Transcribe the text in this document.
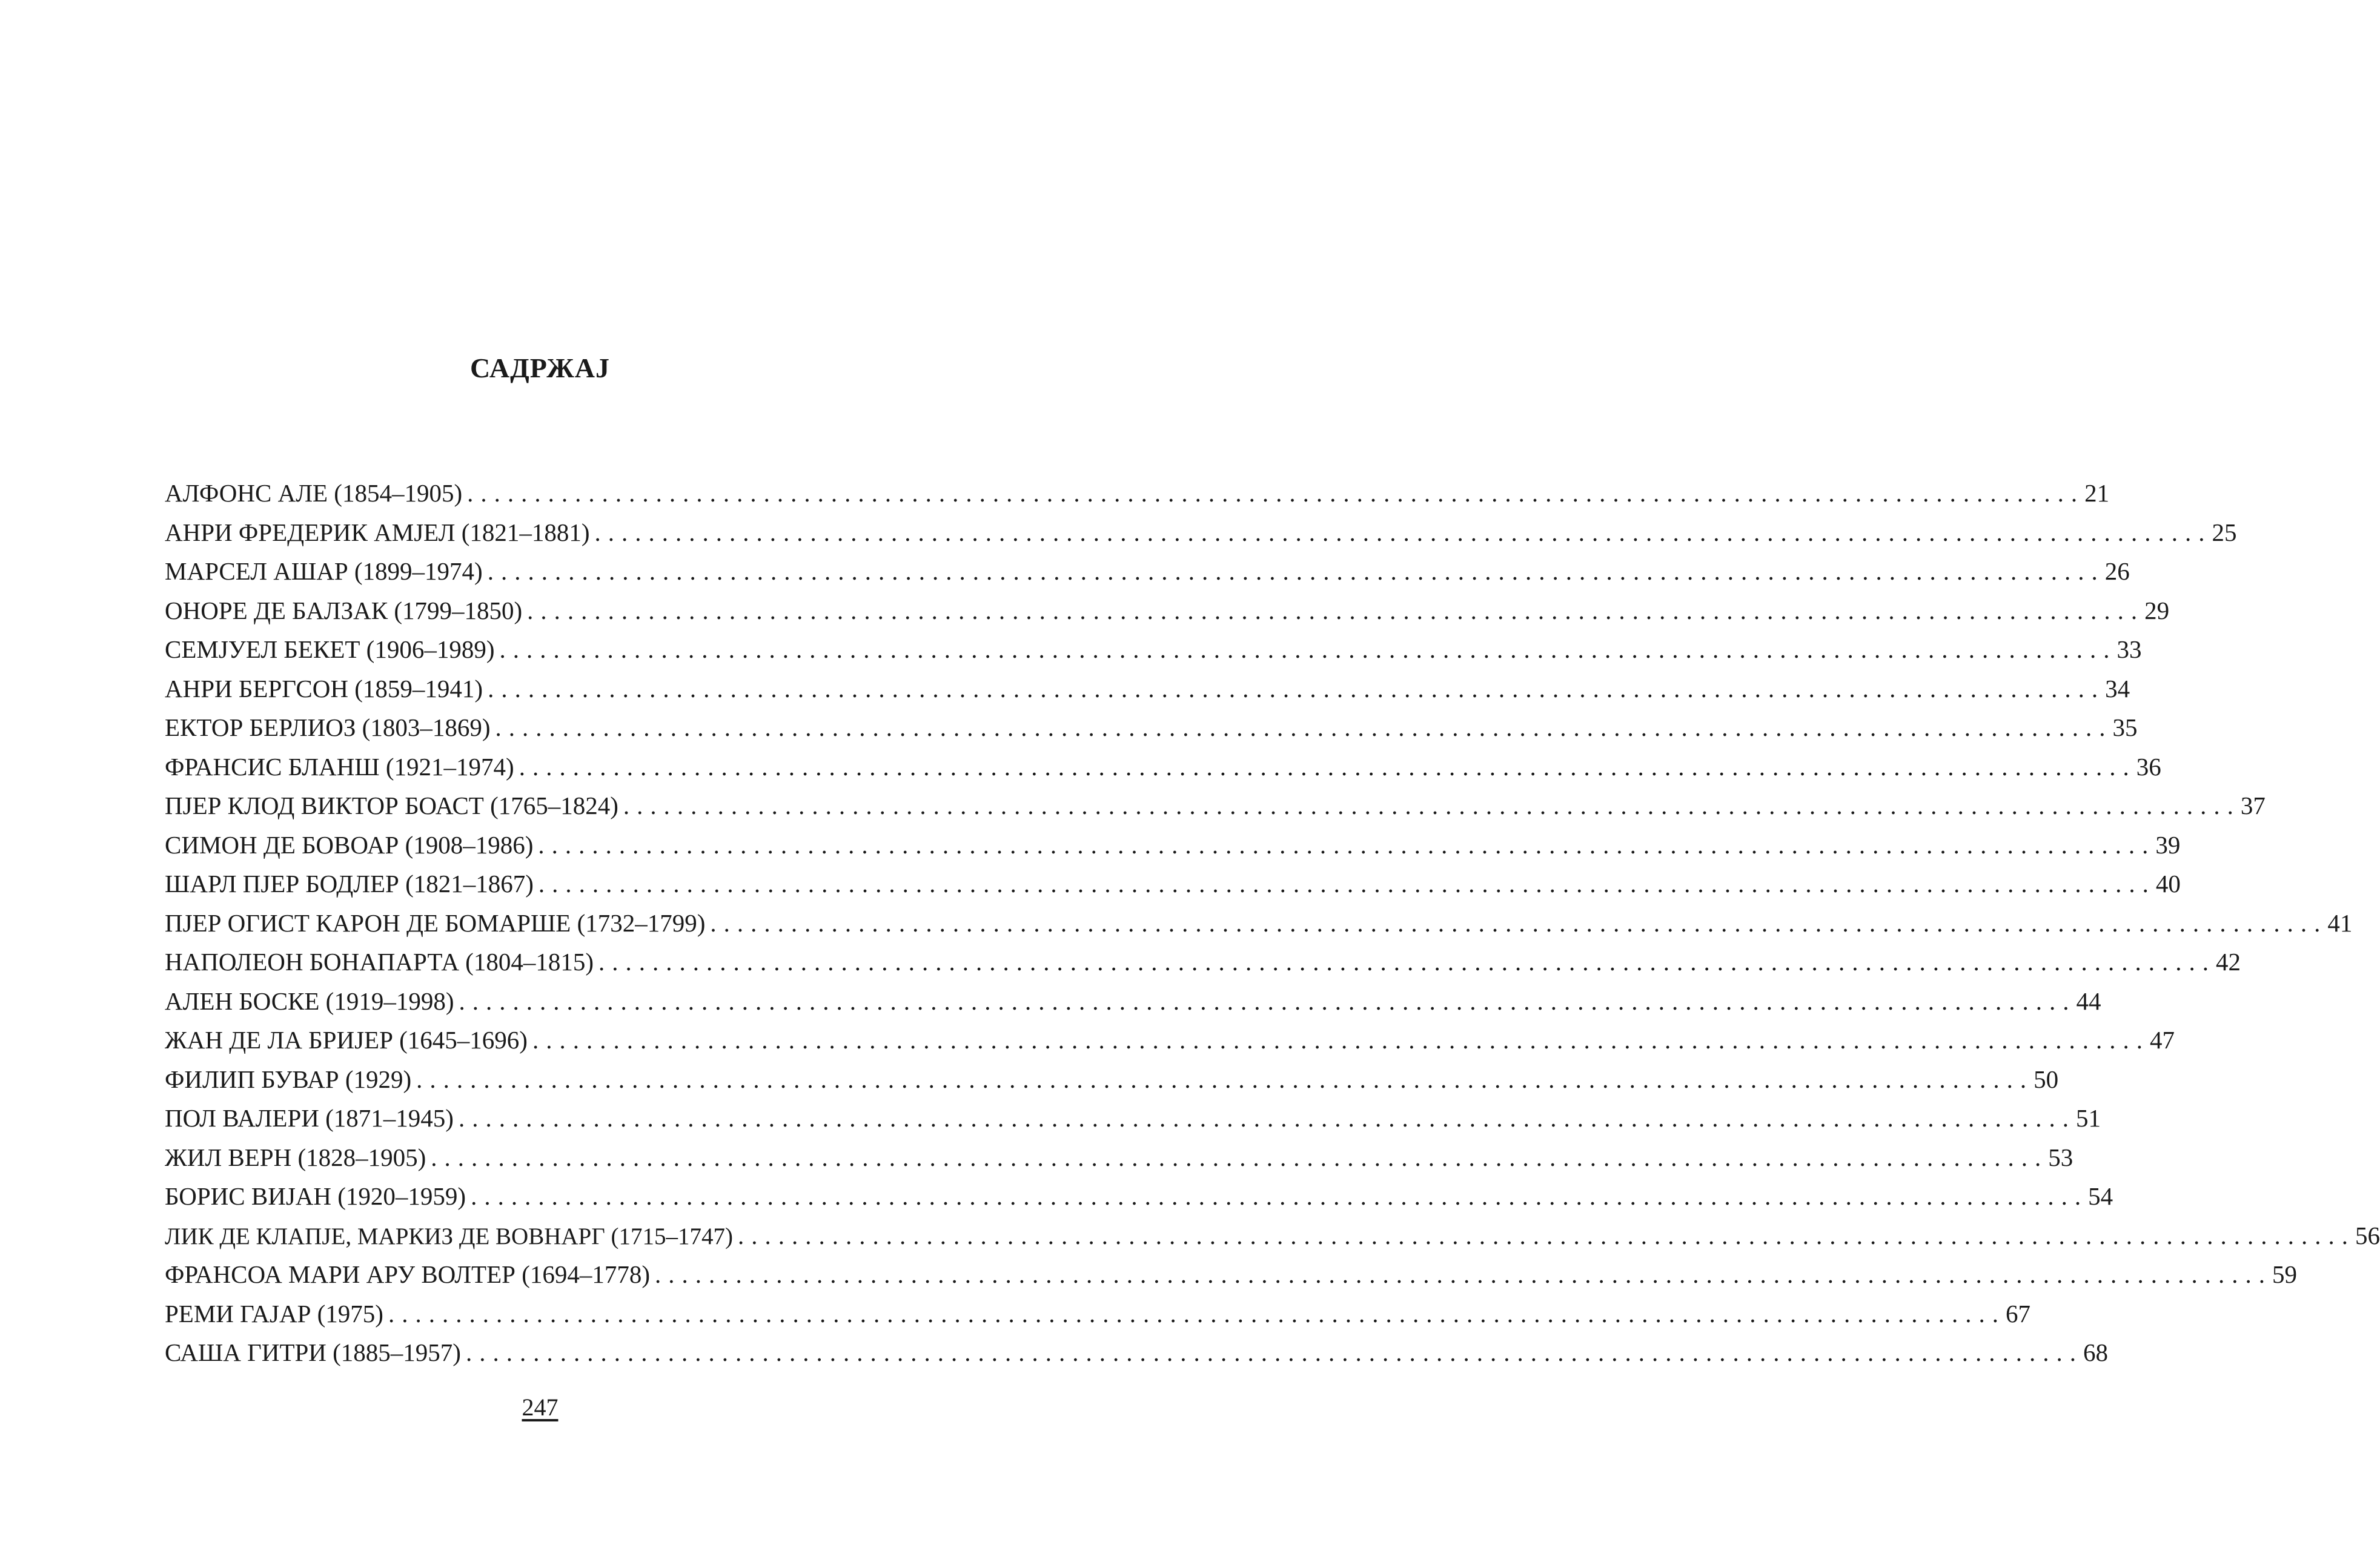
САДРЖАЈ
АЛФОНС АЛЕ (1854–1905) ........................................................................................................................ 21
АНРИ ФРЕДЕРИК АМЈЕЛ (1821–1881) ........................................................................................................................ 25
МАРСЕЛ АШАР (1899–1974) ........................................................................................................................ 26
ОНОРЕ ДЕ БАЛЗАК (1799–1850) ........................................................................................................................ 29
СЕМЈУЕЛ БЕКЕТ (1906–1989) ........................................................................................................................ 33
АНРИ БЕРГСОН (1859–1941) ........................................................................................................................ 34
ЕКТОР БЕРЛИОЗ (1803–1869) ........................................................................................................................ 35
ФРАНСИС БЛАНШ (1921–1974) ........................................................................................................................ 36
ПЈЕР КЛОД ВИКТОР БОАСТ (1765–1824) ........................................................................................................................ 37
СИМОН ДЕ БОВОАР (1908–1986) ........................................................................................................................ 39
ШАРЛ ПЈЕР БОДЛЕР (1821–1867) ........................................................................................................................ 40
ПЈЕР ОГИСТ КАРОН ДЕ БОМАРШЕ (1732–1799) ........................................................................................................................ 41
НАПОЛЕОН БОНАПАРТА (1804–1815) ........................................................................................................................ 42
АЛЕН БОСКЕ (1919–1998) ........................................................................................................................ 44
ЖАН ДЕ ЛА БРИЈЕР (1645–1696) ........................................................................................................................ 47
ФИЛИП БУВАР (1929) ........................................................................................................................ 50
ПОЛ ВАЛЕРИ (1871–1945) ........................................................................................................................ 51
ЖИЛ ВЕРН (1828–1905) ........................................................................................................................ 53
БОРИС ВИЈАН (1920–1959) ........................................................................................................................ 54
ЛИК ДЕ КЛАПЈЕ, МАРКИЗ ДЕ ВОВНАРГ (1715–1747) ........................................................................................................................ 56
ФРАНСОА МАРИ АРУ ВОЛТЕР (1694–1778) ........................................................................................................................ 59
РЕМИ ГАЈАР (1975) ........................................................................................................................ 67
САША ГИТРИ (1885–1957) ........................................................................................................................ 68
247
